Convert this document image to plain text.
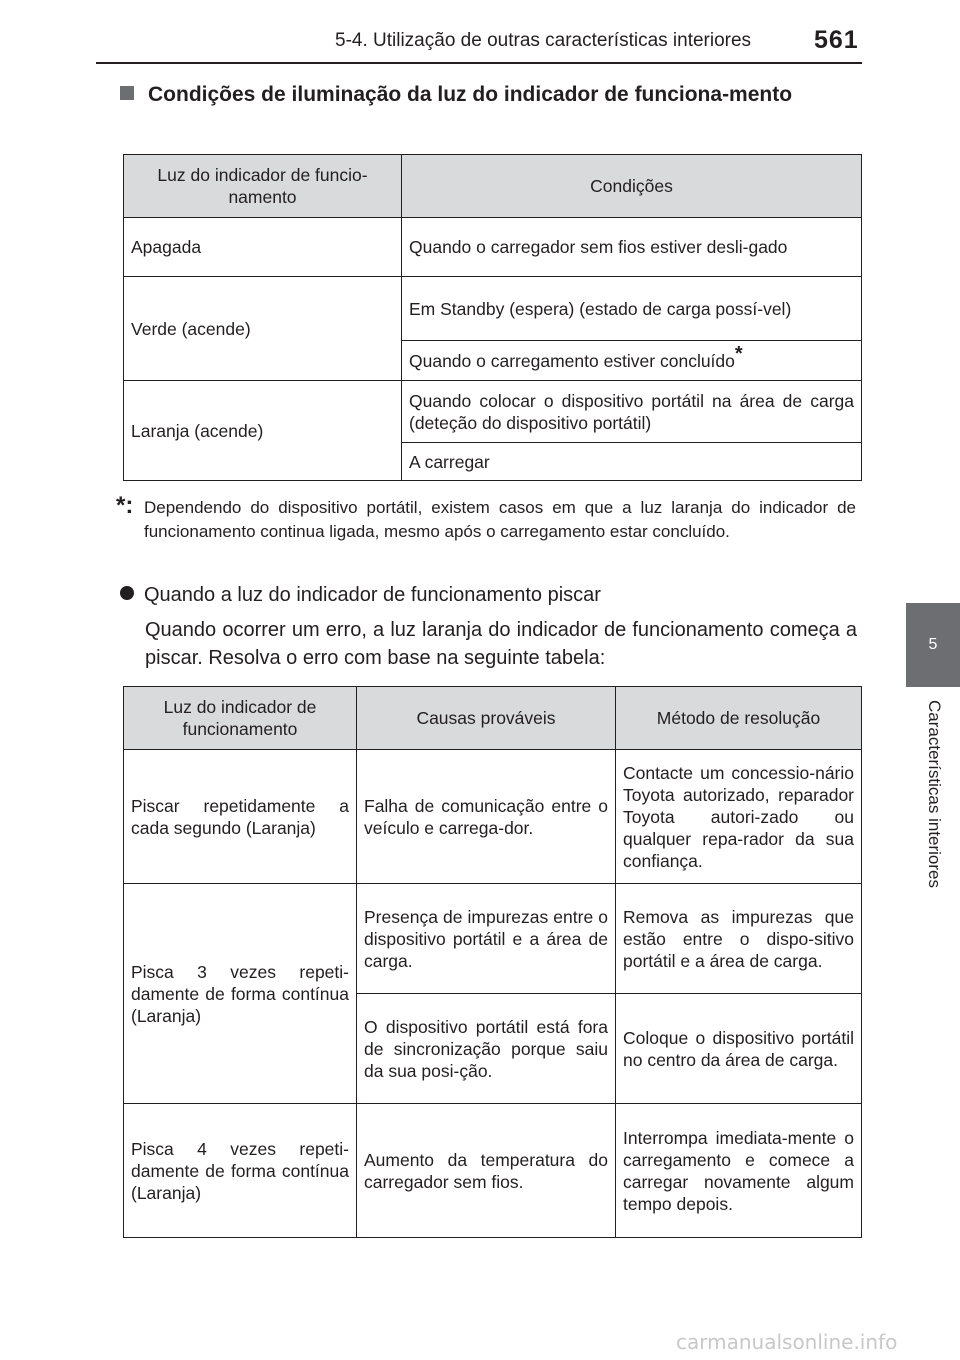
5-4. Utilização de outras características interiores	561
5
Características interiores
Condições de iluminação da luz do indicador de funciona-mento
Luz do indicador de funcio-namento	Condições
Apagada	Quando o carregador sem fios estiver desli-gado
Verde (acende)	Em Standby (espera) (estado de carga possí-vel)
	Quando o carregamento estiver concluído*
Laranja (acende)	Quando colocar o dispositivo portátil na área de carga (deteção do dispositivo portátil)
	A carregar
*: Dependendo do dispositivo portátil, existem casos em que a luz laranja do indicador de funcionamento continua ligada, mesmo após o carregamento estar concluído.
Quando a luz do indicador de funcionamento piscar
Quando ocorrer um erro, a luz laranja do indicador de funcionamento começa a piscar. Resolva o erro com base na seguinte tabela:
Luz do indicador de funcionamento	Causas prováveis	Método de resolução
Piscar repetidamente a cada segundo (Laranja)	Falha de comunicação entre o veículo e carrega-dor.	Contacte um concessio-nário Toyota autorizado, reparador Toyota autori-zado ou qualquer repa-rador da sua confiança.
Pisca 3 vezes repeti-damente de forma contínua (Laranja)	Presença de impurezas entre o dispositivo portátil e a área de carga.	Remova as impurezas que estão entre o dispo-sitivo portátil e a área de carga.
	O dispositivo portátil está fora de sincronização porque saiu da sua posi-ção.	Coloque o dispositivo portátil no centro da área de carga.
Pisca 4 vezes repeti-damente de forma contínua (Laranja)	Aumento da temperatura do carregador sem fios.	Interrompa imediata-mente o carregamento e comece a carregar novamente algum tempo depois.
carmanualsonline.info
